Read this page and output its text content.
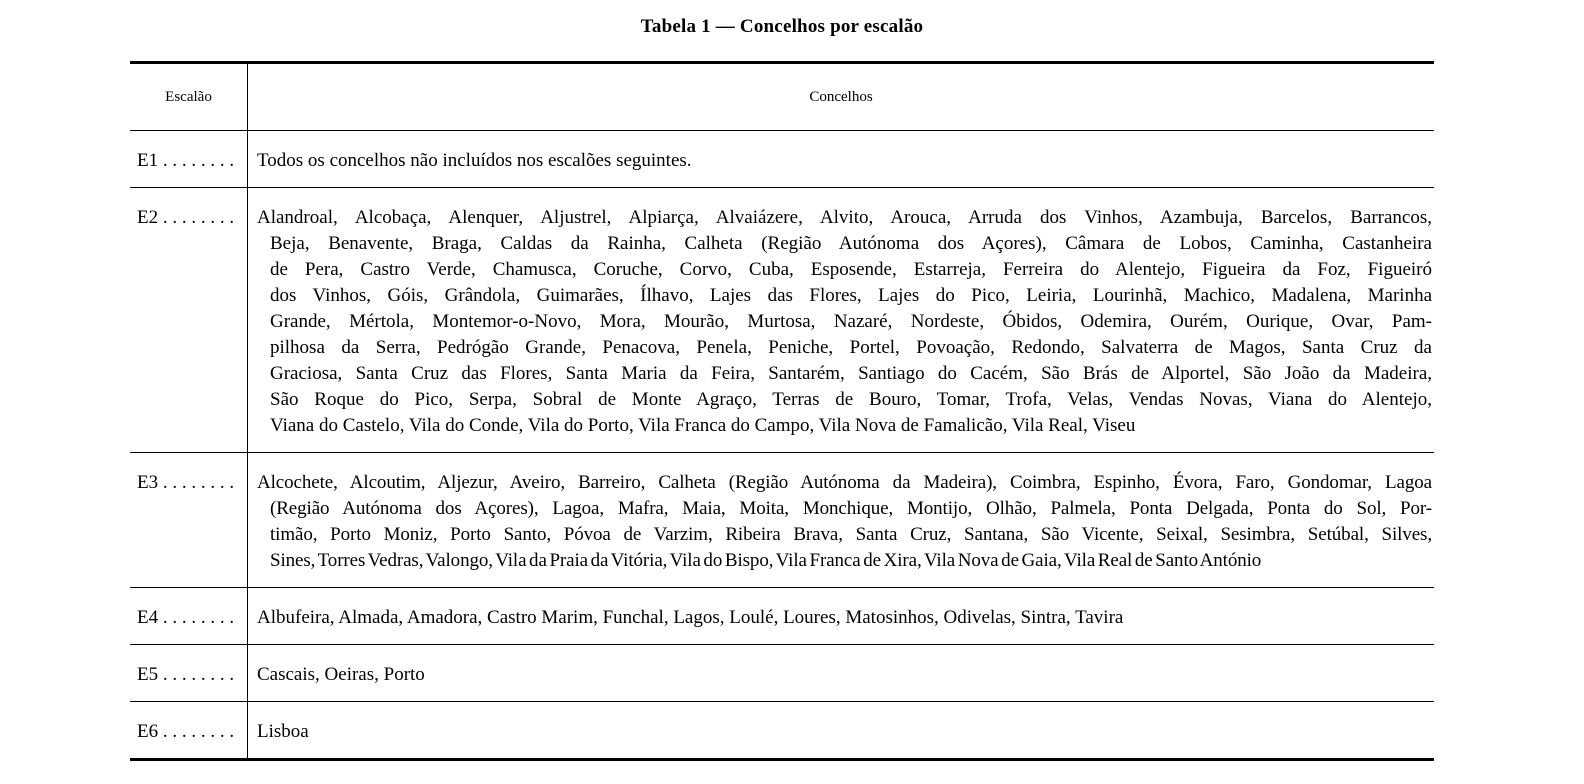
Tabela 1 — Concelhos por escalão
Escalão	Concelhos
E1 . . . . . . . .	Todos os concelhos não incluídos nos escalões seguintes.
E2 . . . . . . . .	Alandroal, Alcobaça, Alenquer, Aljustrel, Alpiarça, Alvaiázere, Alvito, Arouca, Arruda dos Vinhos, Azambuja, Barcelos, Barrancos,
Beja, Benavente, Braga, Caldas da Rainha, Calheta (Região Autónoma dos Açores), Câmara de Lobos, Caminha, Castanheira
de Pera, Castro Verde, Chamusca, Coruche, Corvo, Cuba, Esposende, Estarreja, Ferreira do Alentejo, Figueira da Foz, Figueiró
dos Vinhos, Góis, Grândola, Guimarães, Ílhavo, Lajes das Flores, Lajes do Pico, Leiria, Lourinhã, Machico, Madalena, Marinha
Grande, Mértola, Montemor-o-Novo, Mora, Mourão, Murtosa, Nazaré, Nordeste, Óbidos, Odemira, Ourém, Ourique, Ovar, Pam-
pilhosa da Serra, Pedrógão Grande, Penacova, Penela, Peniche, Portel, Povoação, Redondo, Salvaterra de Magos, Santa Cruz da
Graciosa, Santa Cruz das Flores, Santa Maria da Feira, Santarém, Santiago do Cacém, São Brás de Alportel, São João da Madeira,
São Roque do Pico, Serpa, Sobral de Monte Agraço, Terras de Bouro, Tomar, Trofa, Velas, Vendas Novas, Viana do Alentejo,
Viana do Castelo, Vila do Conde, Vila do Porto, Vila Franca do Campo, Vila Nova de Famalicão, Vila Real, Viseu
E3 . . . . . . . .	Alcochete, Alcoutim, Aljezur, Aveiro, Barreiro, Calheta (Região Autónoma da Madeira), Coimbra, Espinho, Évora, Faro, Gondomar, Lagoa
(Região Autónoma dos Açores), Lagoa, Mafra, Maia, Moita, Monchique, Montijo, Olhão, Palmela, Ponta Delgada, Ponta do Sol, Por-
timão, Porto Moniz, Porto Santo, Póvoa de Varzim, Ribeira Brava, Santa Cruz, Santana, São Vicente, Seixal, Sesimbra, Setúbal, Silves,
Sines, Torres Vedras, Valongo, Vila da Praia da Vitória, Vila do Bispo, Vila Franca de Xira, Vila Nova de Gaia, Vila Real de Santo António
E4 . . . . . . . .	Albufeira, Almada, Amadora, Castro Marim, Funchal, Lagos, Loulé, Loures, Matosinhos, Odivelas, Sintra, Tavira
E5 . . . . . . . .	Cascais, Oeiras, Porto
E6 . . . . . . . .	Lisboa
